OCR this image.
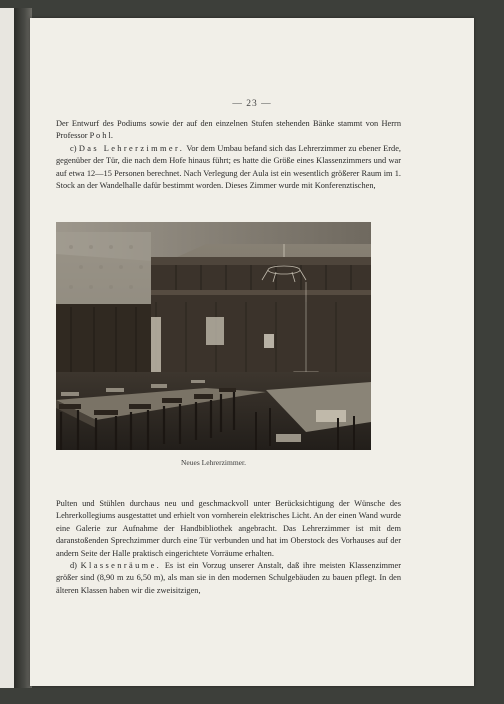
— 23 —

Der Entwurf des Podiums sowie der auf den einzelnen Stufen stehenden Bänke stammt von Herrn Professor P o h l.

c) Das Lehrerzimmer. Vor dem Umbau befand sich das Lehrerzimmer zu ebener Erde, gegenüber der Tür, die nach dem Hofe hinaus führt; es hatte die Größe eines Klassenzimmers und war auf etwa 12—15 Personen berechnet. Nach Verlegung der Aula ist ein wesentlich größerer Raum im 1. Stock an der Wandelhalle dafür bestimmt worden. Dieses Zimmer wurde mit Konferenztischen,

Neues Lehrerzimmer.

Pulten und Stühlen durchaus neu und geschmackvoll unter Berücksichtigung der Wünsche des Lehrerkollegiums ausgestattet und erhielt von vornherein elektrisches Licht. An der einen Wand wurde eine Galerie zur Aufnahme der Handbibliothek angebracht. Das Lehrerzimmer ist mit dem daranstoßenden Sprechzimmer durch eine Tür verbunden und hat im Oberstock des Vorhauses auf der andern Seite der Halle praktisch eingerichtete Vorräume erhalten.

d) Klassenräume. Es ist ein Vorzug unserer Anstalt, daß ihre meisten Klassenzimmer größer sind (8,90 m zu 6,50 m), als man sie in den modernen Schulgebäuden zu bauen pflegt. In den älteren Klassen haben wir die zweisitzigen,
